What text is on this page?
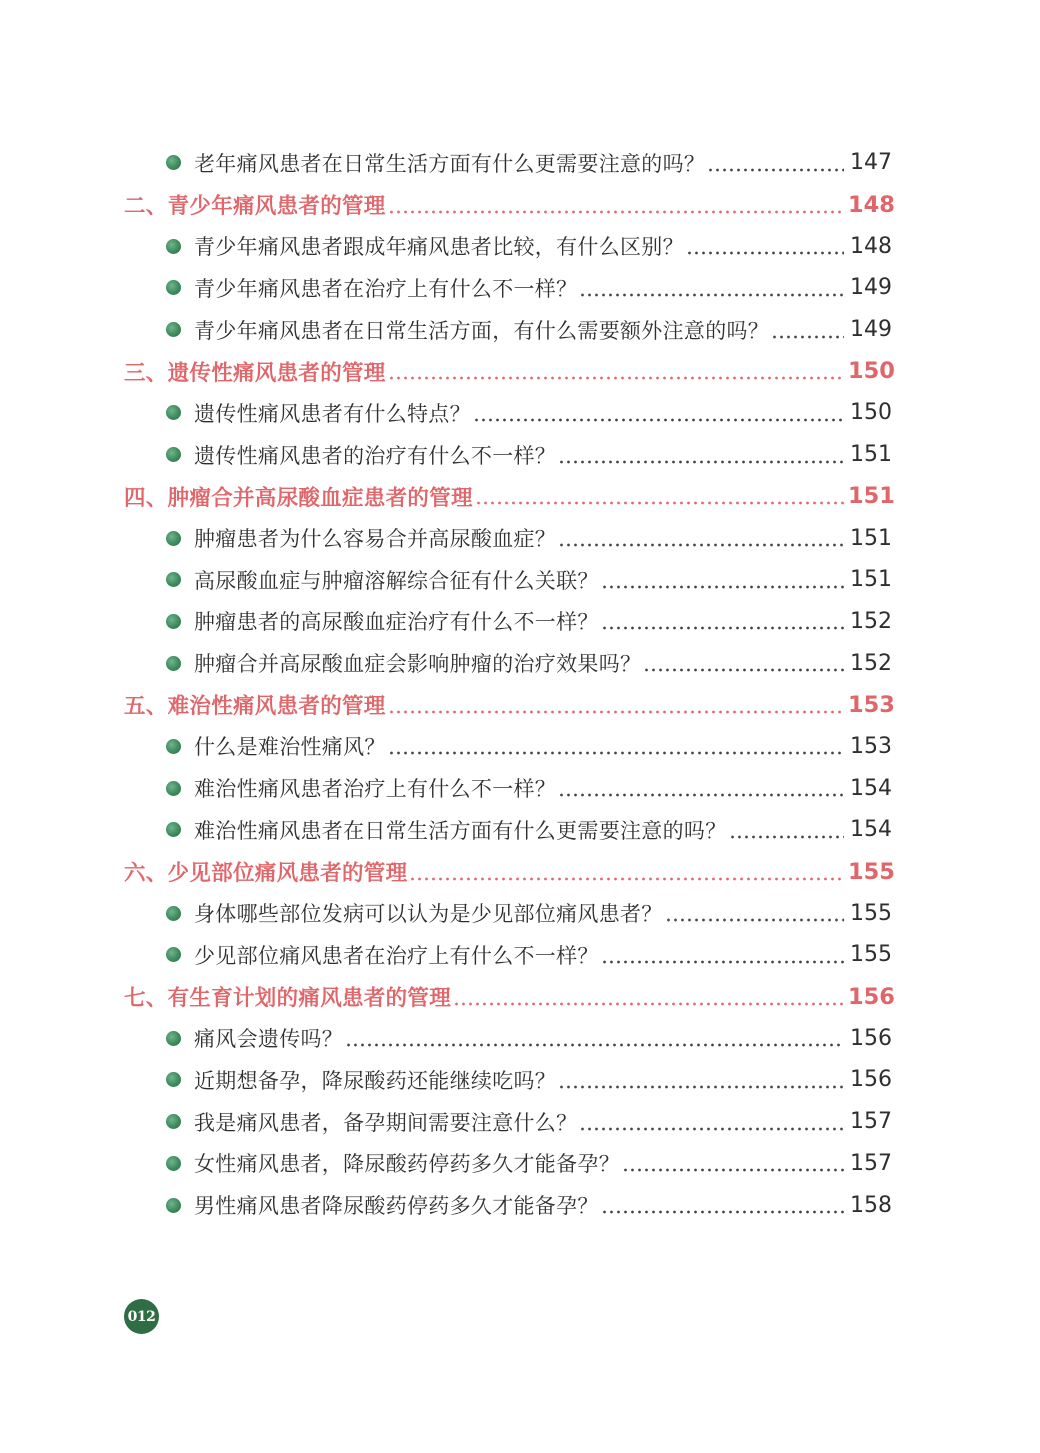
老年痛风患者在日常生活方面有什么更需要注意的吗？	147
二、青少年痛风患者的管理	148
青少年痛风患者跟成年痛风患者比较，有什么区别？	148
青少年痛风患者在治疗上有什么不一样？	149
青少年痛风患者在日常生活方面，有什么需要额外注意的吗？	149
三、遗传性痛风患者的管理	150
遗传性痛风患者有什么特点？	150
遗传性痛风患者的治疗有什么不一样？	151
四、肿瘤合并高尿酸血症患者的管理	151
肿瘤患者为什么容易合并高尿酸血症？	151
高尿酸血症与肿瘤溶解综合征有什么关联？	151
肿瘤患者的高尿酸血症治疗有什么不一样？	152
肿瘤合并高尿酸血症会影响肿瘤的治疗效果吗？	152
五、难治性痛风患者的管理	153
什么是难治性痛风？	153
难治性痛风患者治疗上有什么不一样？	154
难治性痛风患者在日常生活方面有什么更需要注意的吗？	154
六、少见部位痛风患者的管理	155
身体哪些部位发病可以认为是少见部位痛风患者？	155
少见部位痛风患者在治疗上有什么不一样？	155
七、有生育计划的痛风患者的管理	156
痛风会遗传吗？	156
近期想备孕，降尿酸药还能继续吃吗？	156
我是痛风患者，备孕期间需要注意什么？	157
女性痛风患者，降尿酸药停药多久才能备孕？	157
男性痛风患者降尿酸药停药多久才能备孕？	158
012
